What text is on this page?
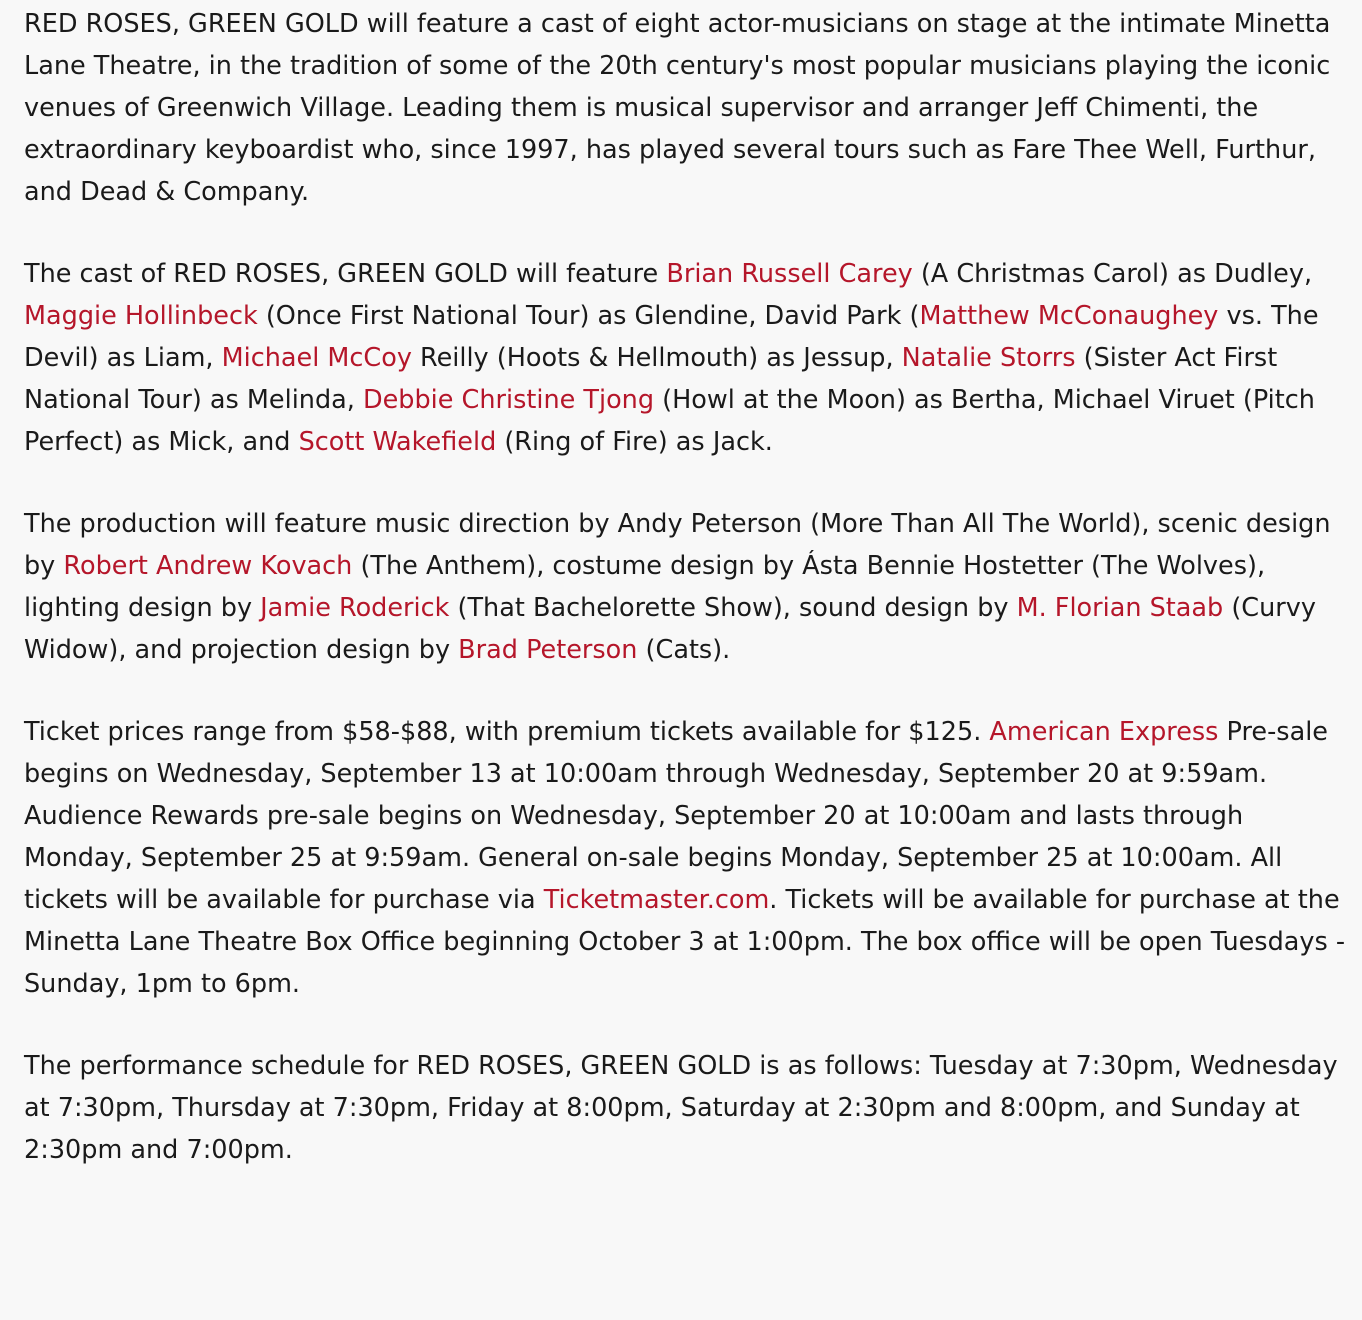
RED ROSES, GREEN GOLD will feature a cast of eight actor-musicians on stage at the intimate Minetta Lane Theatre, in the tradition of some of the 20th century's most popular musicians playing the iconic venues of Greenwich Village. Leading them is musical supervisor and arranger Jeff Chimenti, the extraordinary keyboardist who, since 1997, has played several tours such as Fare Thee Well, Furthur, and Dead & Company.

The cast of RED ROSES, GREEN GOLD will feature Brian Russell Carey (A Christmas Carol) as Dudley, Maggie Hollinbeck (Once First National Tour) as Glendine, David Park (Matthew McConaughey vs. The Devil) as Liam, Michael McCoy Reilly (Hoots & Hellmouth) as Jessup, Natalie Storrs (Sister Act First National Tour) as Melinda, Debbie Christine Tjong (Howl at the Moon) as Bertha, Michael Viruet (Pitch Perfect) as Mick, and Scott Wakefield (Ring of Fire) as Jack.

The production will feature music direction by Andy Peterson (More Than All The World), scenic design by Robert Andrew Kovach (The Anthem), costume design by Ásta Bennie Hostetter (The Wolves), lighting design by Jamie Roderick (That Bachelorette Show), sound design by M. Florian Staab (Curvy Widow), and projection design by Brad Peterson (Cats).

Ticket prices range from $58-$88, with premium tickets available for $125. American Express Pre-sale begins on Wednesday, September 13 at 10:00am through Wednesday, September 20 at 9:59am. Audience Rewards pre-sale begins on Wednesday, September 20 at 10:00am and lasts through Monday, September 25 at 9:59am. General on-sale begins Monday, September 25 at 10:00am. All tickets will be available for purchase via Ticketmaster.com. Tickets will be available for purchase at the Minetta Lane Theatre Box Office beginning October 3 at 1:00pm. The box office will be open Tuesdays - Sunday, 1pm to 6pm.

The performance schedule for RED ROSES, GREEN GOLD is as follows: Tuesday at 7:30pm, Wednesday at 7:30pm, Thursday at 7:30pm, Friday at 8:00pm, Saturday at 2:30pm and 8:00pm, and Sunday at 2:30pm and 7:00pm.
